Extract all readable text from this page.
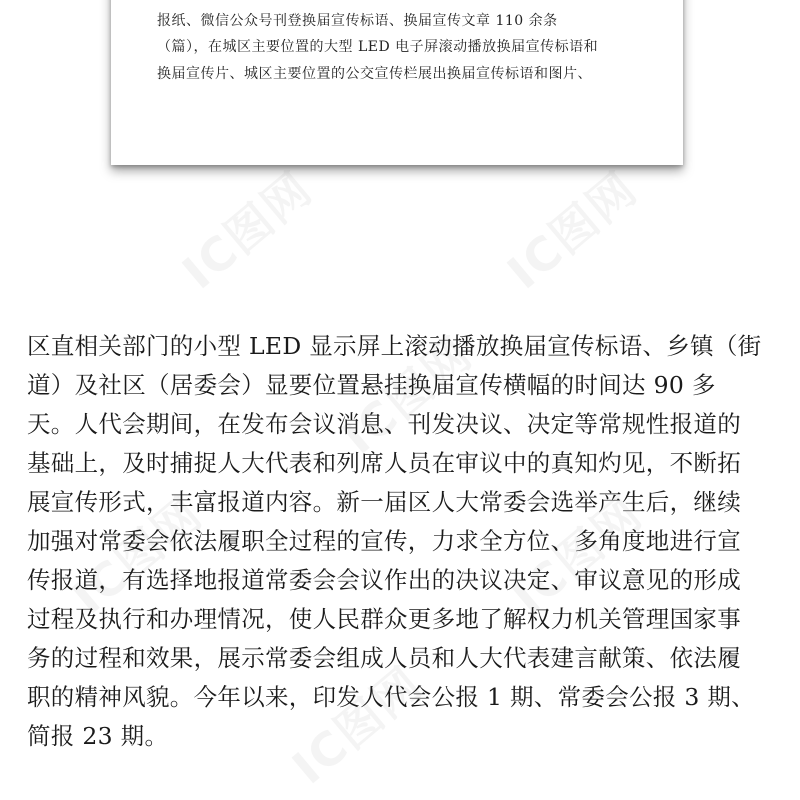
IC图网	IC图网
IC图网
IC图网	IC图网
IC图网
报纸、微信公众号刊登换届宣传标语、换届宣传文章 110 余条
（篇），在城区主要位置的大型 LED 电子屏滚动播放换届宣传标语和
换届宣传片、城区主要位置的公交宣传栏展出换届宣传标语和图片、
区直相关部门的小型 LED 显示屏上滚动播放换届宣传标语、乡镇（街
道）及社区（居委会）显要位置悬挂换届宣传横幅的时间达 90 多
天。人代会期间，在发布会议消息、刊发决议、决定等常规性报道的
基础上，及时捕捉人大代表和列席人员在审议中的真知灼见，不断拓
展宣传形式，丰富报道内容。新一届区人大常委会选举产生后，继续
加强对常委会依法履职全过程的宣传，力求全方位、多角度地进行宣
传报道，有选择地报道常委会会议作出的决议决定、审议意见的形成
过程及执行和办理情况，使人民群众更多地了解权力机关管理国家事
务的过程和效果，展示常委会组成人员和人大代表建言献策、依法履
职的精神风貌。今年以来，印发人代会公报 1 期、常委会公报 3 期、
简报 23 期。
